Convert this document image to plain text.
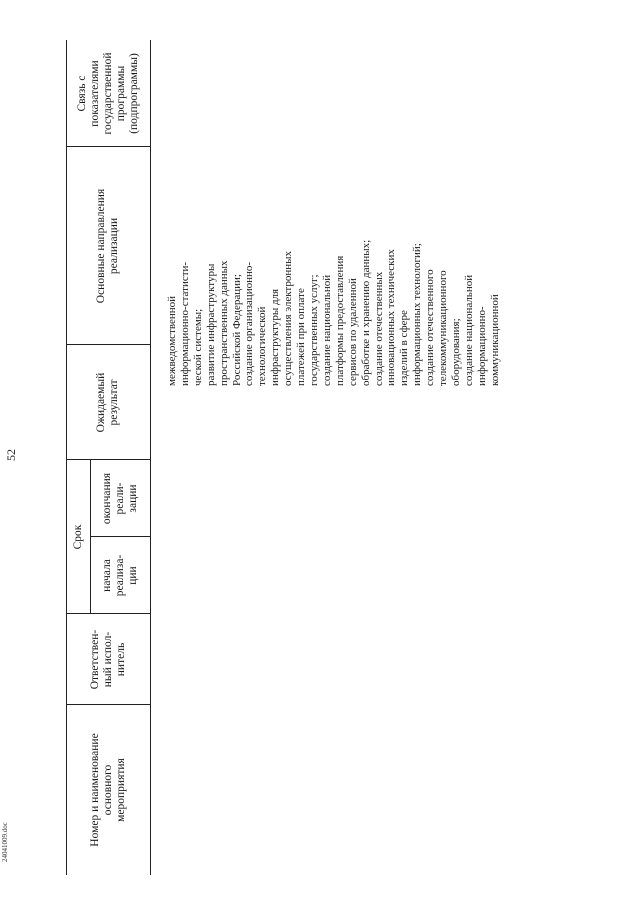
Номер и наименование
основного
мероприятия
Ответствен-
ный испол-
нитель
Срок
начала
реализа-
ции
окончания
реали-
зации
Ожидаемый
результат
Основные направления
реализации
Связь с
показателями
государственной
программы
(подпрограммы)
52
межведомственной
информационно-статисти-
ческой системы;
развитие инфраструктуры
пространственных данных
Российской Федерации;
создание организационно-
технологической
инфраструктуры для
осуществления электронных
платежей при оплате
государственных услуг;
создание национальной
платформы предоставления
сервисов по удаленной
обработке и хранению данных;
создание отечественных
инновационных технических
изделий в сфере
информационных технологий;
создание отечественного
телекоммуникационного
оборудования;
создание национальной
информационно-
коммуникационной
24041009.doc
